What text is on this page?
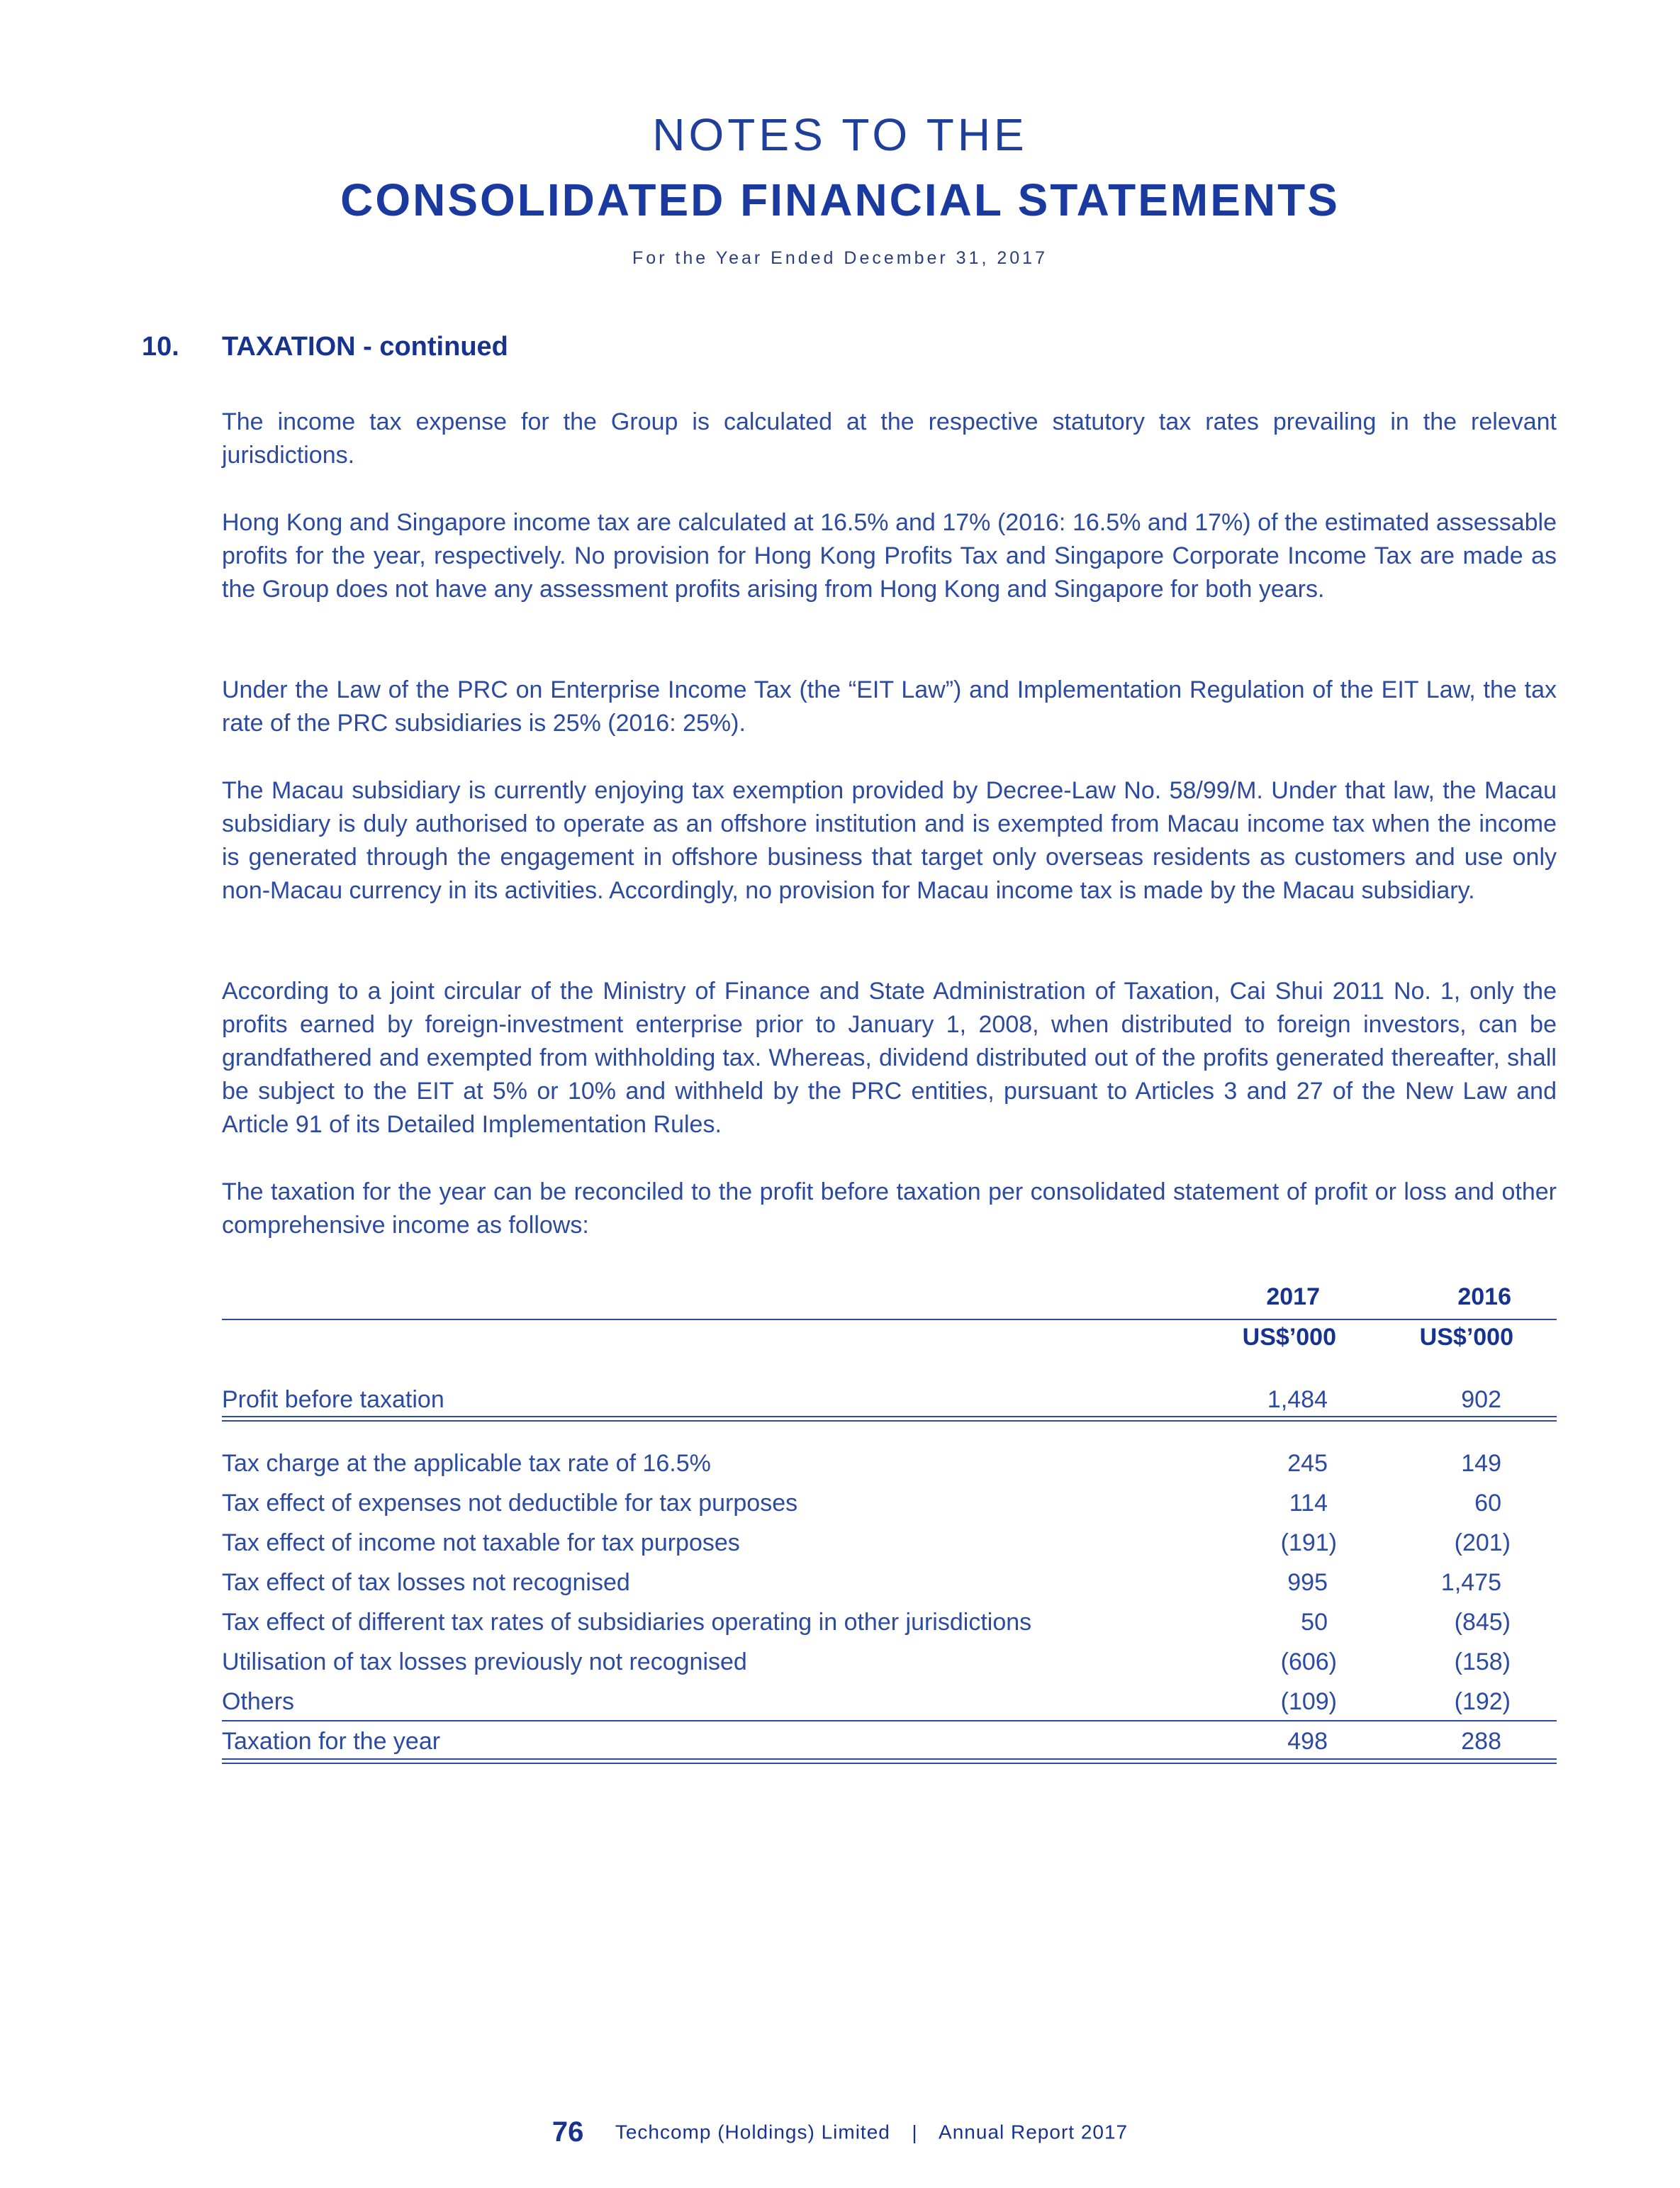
NOTES TO THE
CONSOLIDATED FINANCIAL STATEMENTS
For the Year Ended December 31, 2017
10. TAXATION - continued
The income tax expense for the Group is calculated at the respective statutory tax rates prevailing in the relevant jurisdictions.
Hong Kong and Singapore income tax are calculated at 16.5% and 17% (2016: 16.5% and 17%) of the estimated assessable profits for the year, respectively. No provision for Hong Kong Profits Tax and Singapore Corporate Income Tax are made as the Group does not have any assessment profits arising from Hong Kong and Singapore for both years.
Under the Law of the PRC on Enterprise Income Tax (the “EIT Law”) and Implementation Regulation of the EIT Law, the tax rate of the PRC subsidiaries is 25% (2016: 25%).
The Macau subsidiary is currently enjoying tax exemption provided by Decree-Law No. 58/99/M. Under that law, the Macau subsidiary is duly authorised to operate as an offshore institution and is exempted from Macau income tax when the income is generated through the engagement in offshore business that target only overseas residents as customers and use only non-Macau currency in its activities. Accordingly, no provision for Macau income tax is made by the Macau subsidiary.
According to a joint circular of the Ministry of Finance and State Administration of Taxation, Cai Shui 2011 No. 1, only the profits earned by foreign-investment enterprise prior to January 1, 2008, when distributed to foreign investors, can be grandfathered and exempted from withholding tax. Whereas, dividend distributed out of the profits generated thereafter, shall be subject to the EIT at 5% or 10% and withheld by the PRC entities, pursuant to Articles 3 and 27 of the New Law and Article 91 of its Detailed Implementation Rules.
The taxation for the year can be reconciled to the profit before taxation per consolidated statement of profit or loss and other comprehensive income as follows:
2017	2016
US$’000	US$’000
Profit before taxation	1,484	902
Tax charge at the applicable tax rate of 16.5%	245	149
Tax effect of expenses not deductible for tax purposes	114	60
Tax effect of income not taxable for tax purposes	(191)	(201)
Tax effect of tax losses not recognised	995	1,475
Tax effect of different tax rates of subsidiaries operating in other jurisdictions	50	(845)
Utilisation of tax losses previously not recognised	(606)	(158)
Others	(109)	(192)
Taxation for the year	498	288
76 Techcomp (Holdings) Limited | Annual Report 2017
